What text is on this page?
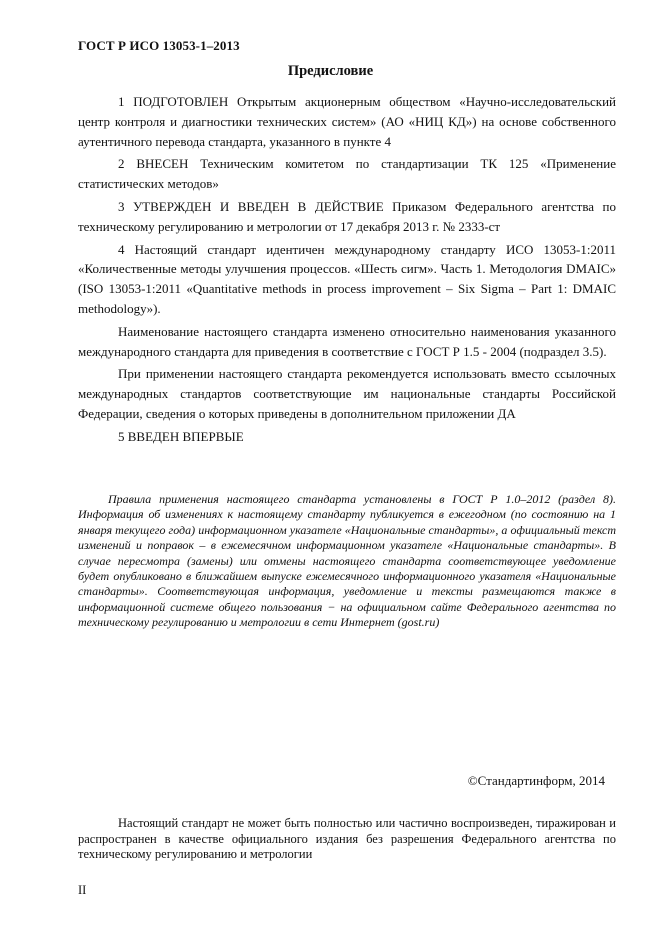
ГОСТ Р ИСО 13053-1–2013
Предисловие

1 ПОДГОТОВЛЕН Открытым акционерным обществом «Научно-исследовательский центр контроля и диагностики технических систем» (АО «НИЦ КД») на основе собственного аутентичного перевода стандарта, указанного в пункте 4

2 ВНЕСЕН Техническим комитетом по стандартизации ТК 125 «Применение статистических методов»

3 УТВЕРЖДЕН И ВВЕДЕН В ДЕЙСТВИЕ Приказом Федерального агентства по техническому регулированию и метрологии от 17 декабря 2013 г. № 2333-ст

4 Настоящий стандарт идентичен международному стандарту ИСО 13053-1:2011 «Количественные методы улучшения процессов. «Шесть сигм». Часть 1. Методология DMAIC» (ISO 13053-1:2011 «Quantitative methods in process improvement – Six Sigma – Part 1: DMAIC methodology»).

Наименование настоящего стандарта изменено относительно наименования указанного международного стандарта для приведения в соответствие с ГОСТ Р 1.5 - 2004 (подраздел 3.5).

При применении настоящего стандарта рекомендуется использовать вместо ссылочных международных стандартов соответствующие им национальные стандарты Российской Федерации, сведения о которых приведены в дополнительном приложении ДА

5 ВВЕДЕН ВПЕРВЫЕ

Правила применения настоящего стандарта установлены в ГОСТ Р 1.0–2012 (раздел 8). Информация об изменениях к настоящему стандарту публикуется в ежегодном (по состоянию на 1 января текущего года) информационном указателе «Национальные стандарты», а официальный текст изменений и поправок – в ежемесячном информационном указателе «Национальные стандарты». В случае пересмотра (замены) или отмены настоящего стандарта соответствующее уведомление будет опубликовано в ближайшем выпуске ежемесячного информационного указателя «Национальные стандарты». Соответствующая информация, уведомление и тексты размещаются также в информационной системе общего пользования − на официальном сайте Федерального агентства по техническому регулированию и метрологии в сети Интернет (gost.ru)
©Стандартинформ, 2014
Настоящий стандарт не может быть полностью или частично воспроизведен, тиражирован и распространен в качестве официального издания без разрешения Федерального агентства по техническому регулированию и метрологии
II
